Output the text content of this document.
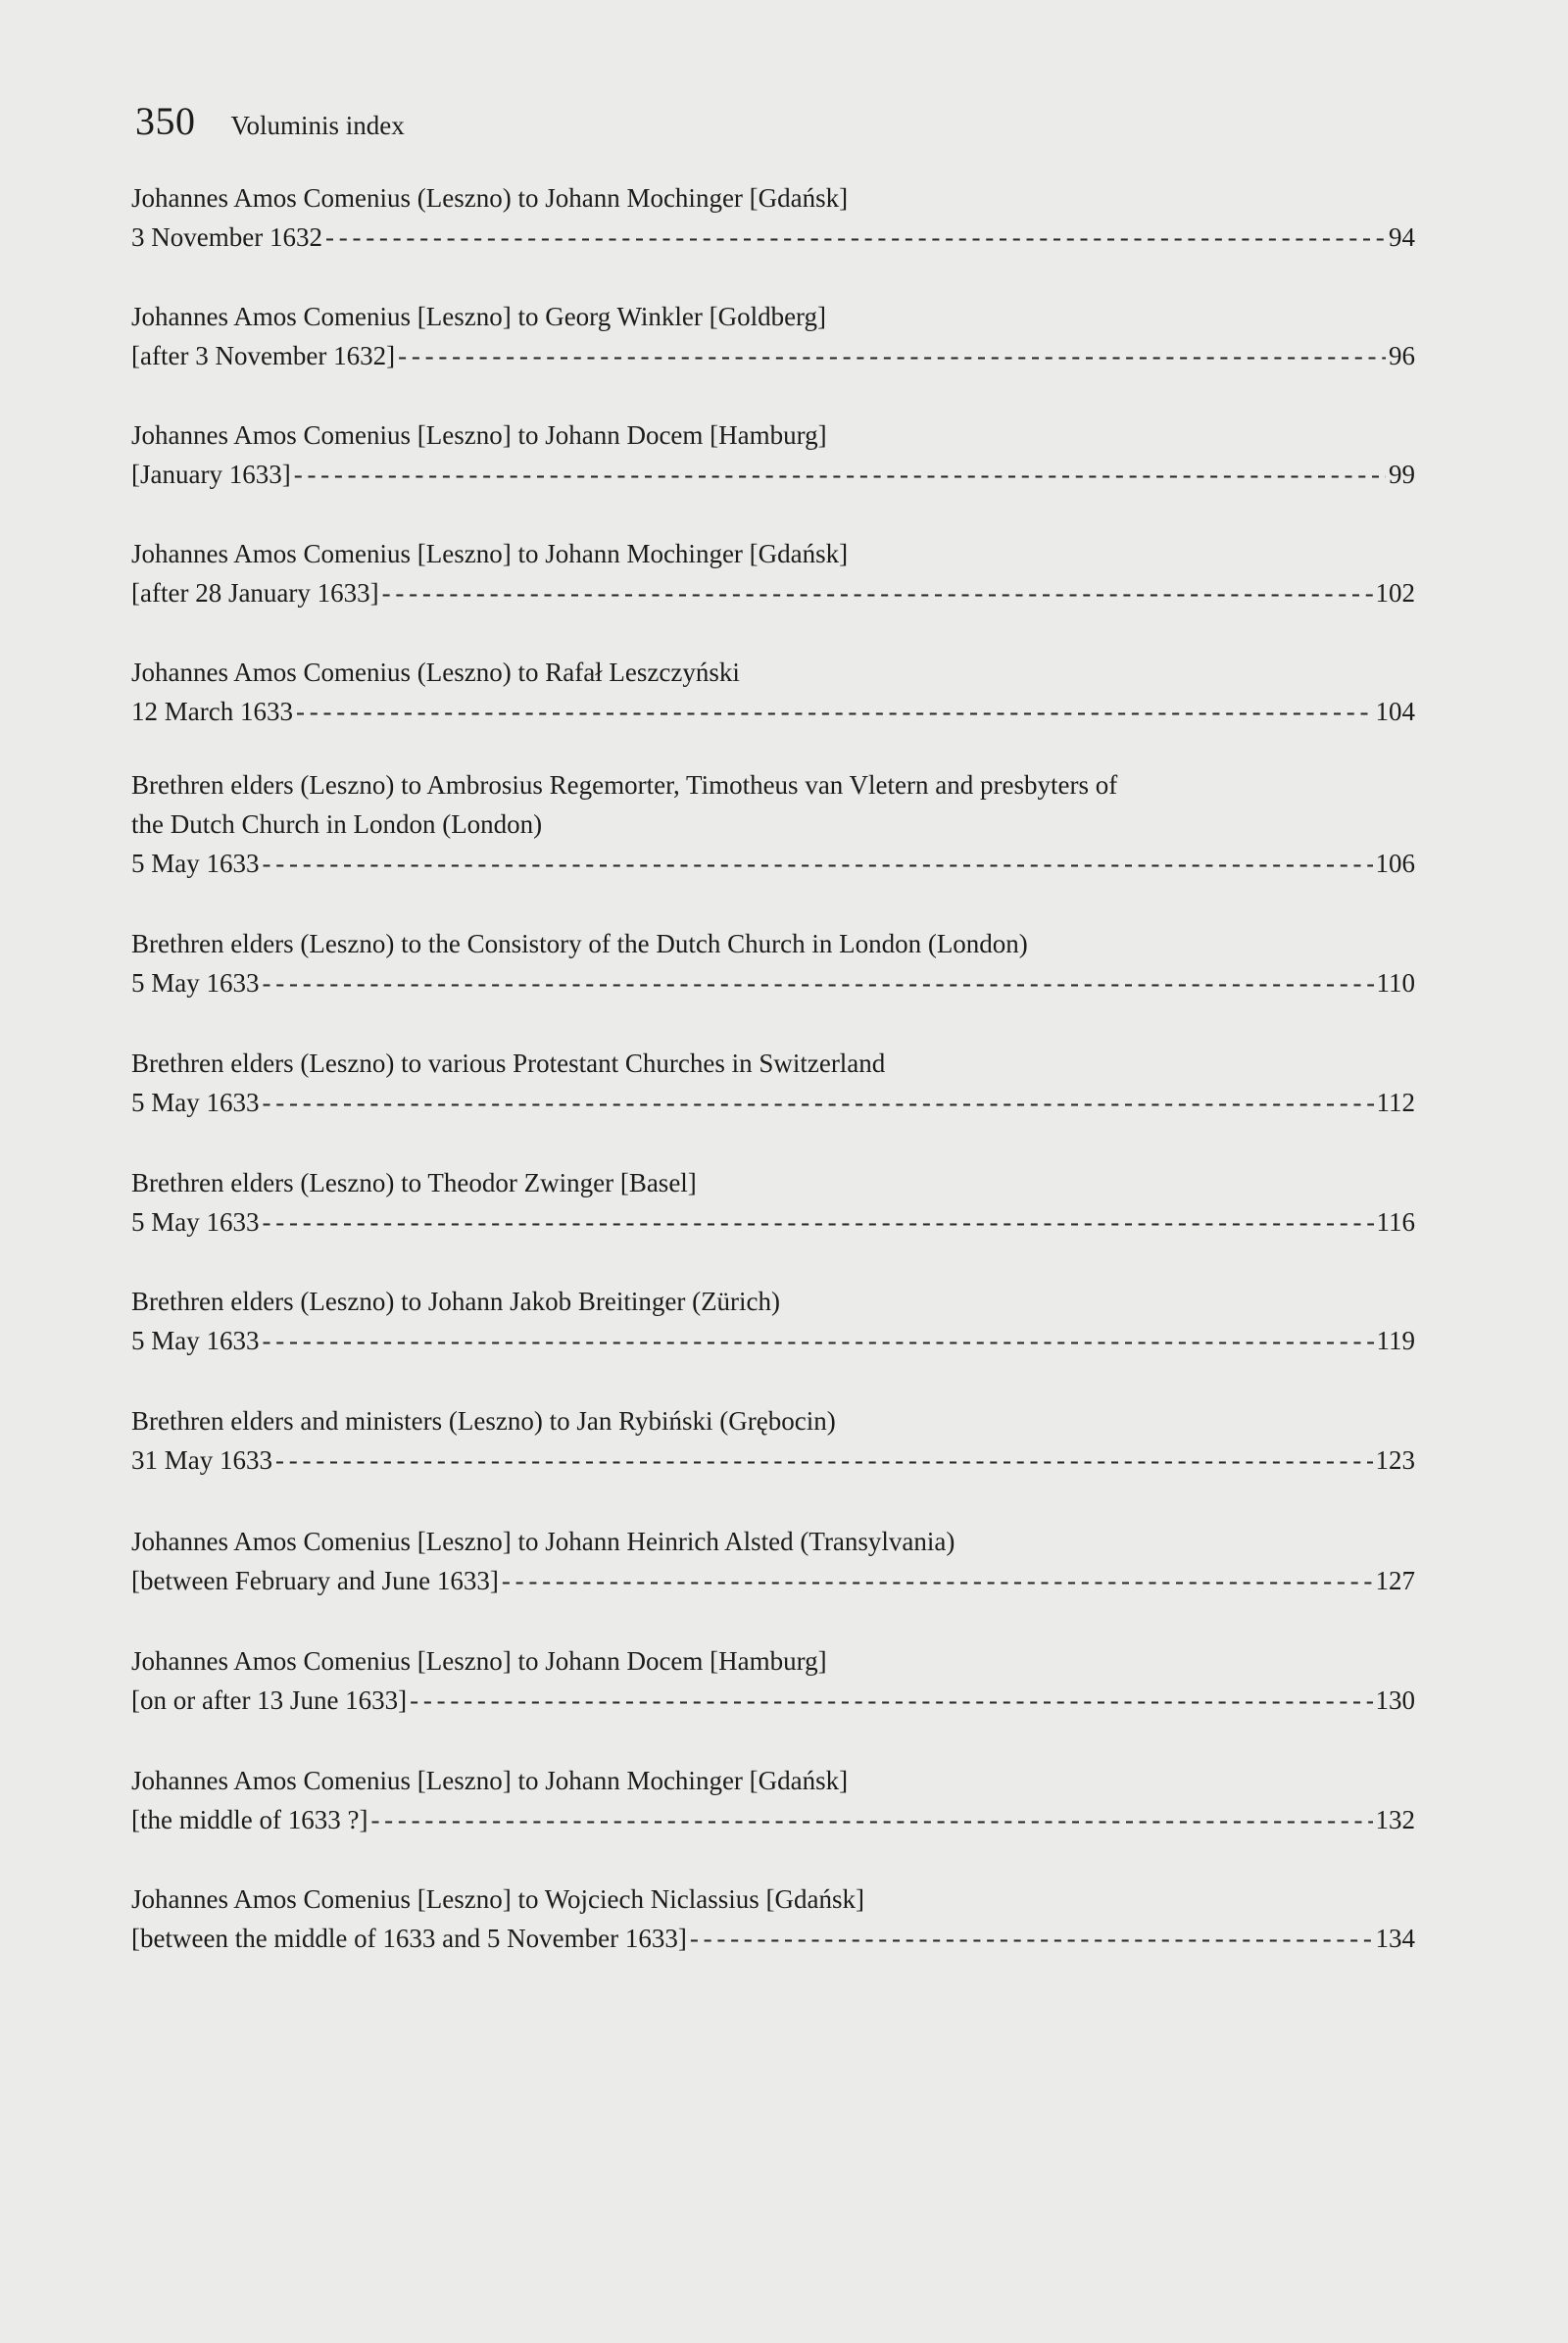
350 Voluminis index
Johannes Amos Comenius (Leszno) to Johann Mochinger [Gdańsk]
3 November 1632 - - -	94
Johannes Amos Comenius [Leszno] to Georg Winkler [Goldberg]
[after 3 November 1632] - - -	96
Johannes Amos Comenius [Leszno] to Johann Docem [Hamburg]
[January 1633] - - -	99
Johannes Amos Comenius [Leszno] to Johann Mochinger [Gdańsk]
[after 28 January 1633] - - -	102
Johannes Amos Comenius (Leszno) to Rafał Leszczyński
12 March 1633 - - -	104
Brethren elders (Leszno) to Ambrosius Regemorter, Timotheus van Vletern and presbyters of
the Dutch Church in London (London)
5 May 1633 - - -	106
Brethren elders (Leszno) to the Consistory of the Dutch Church in London (London)
5 May 1633 - - -	110
Brethren elders (Leszno) to various Protestant Churches in Switzerland
5 May 1633 - - -	112
Brethren elders (Leszno) to Theodor Zwinger [Basel]
5 May 1633 - - -	116
Brethren elders (Leszno) to Johann Jakob Breitinger (Zürich)
5 May 1633 - - -	119
Brethren elders and ministers (Leszno) to Jan Rybiński (Grębocin)
31 May 1633 - - -	123
Johannes Amos Comenius [Leszno] to Johann Heinrich Alsted (Transylvania)
[between February and June 1633] - - -	127
Johannes Amos Comenius [Leszno] to Johann Docem [Hamburg]
[on or after 13 June 1633] - - -	130
Johannes Amos Comenius [Leszno] to Johann Mochinger [Gdańsk]
[the middle of 1633 ?] - - -	132
Johannes Amos Comenius [Leszno] to Wojciech Niclassius [Gdańsk]
[between the middle of 1633 and 5 November 1633] - - -	134
